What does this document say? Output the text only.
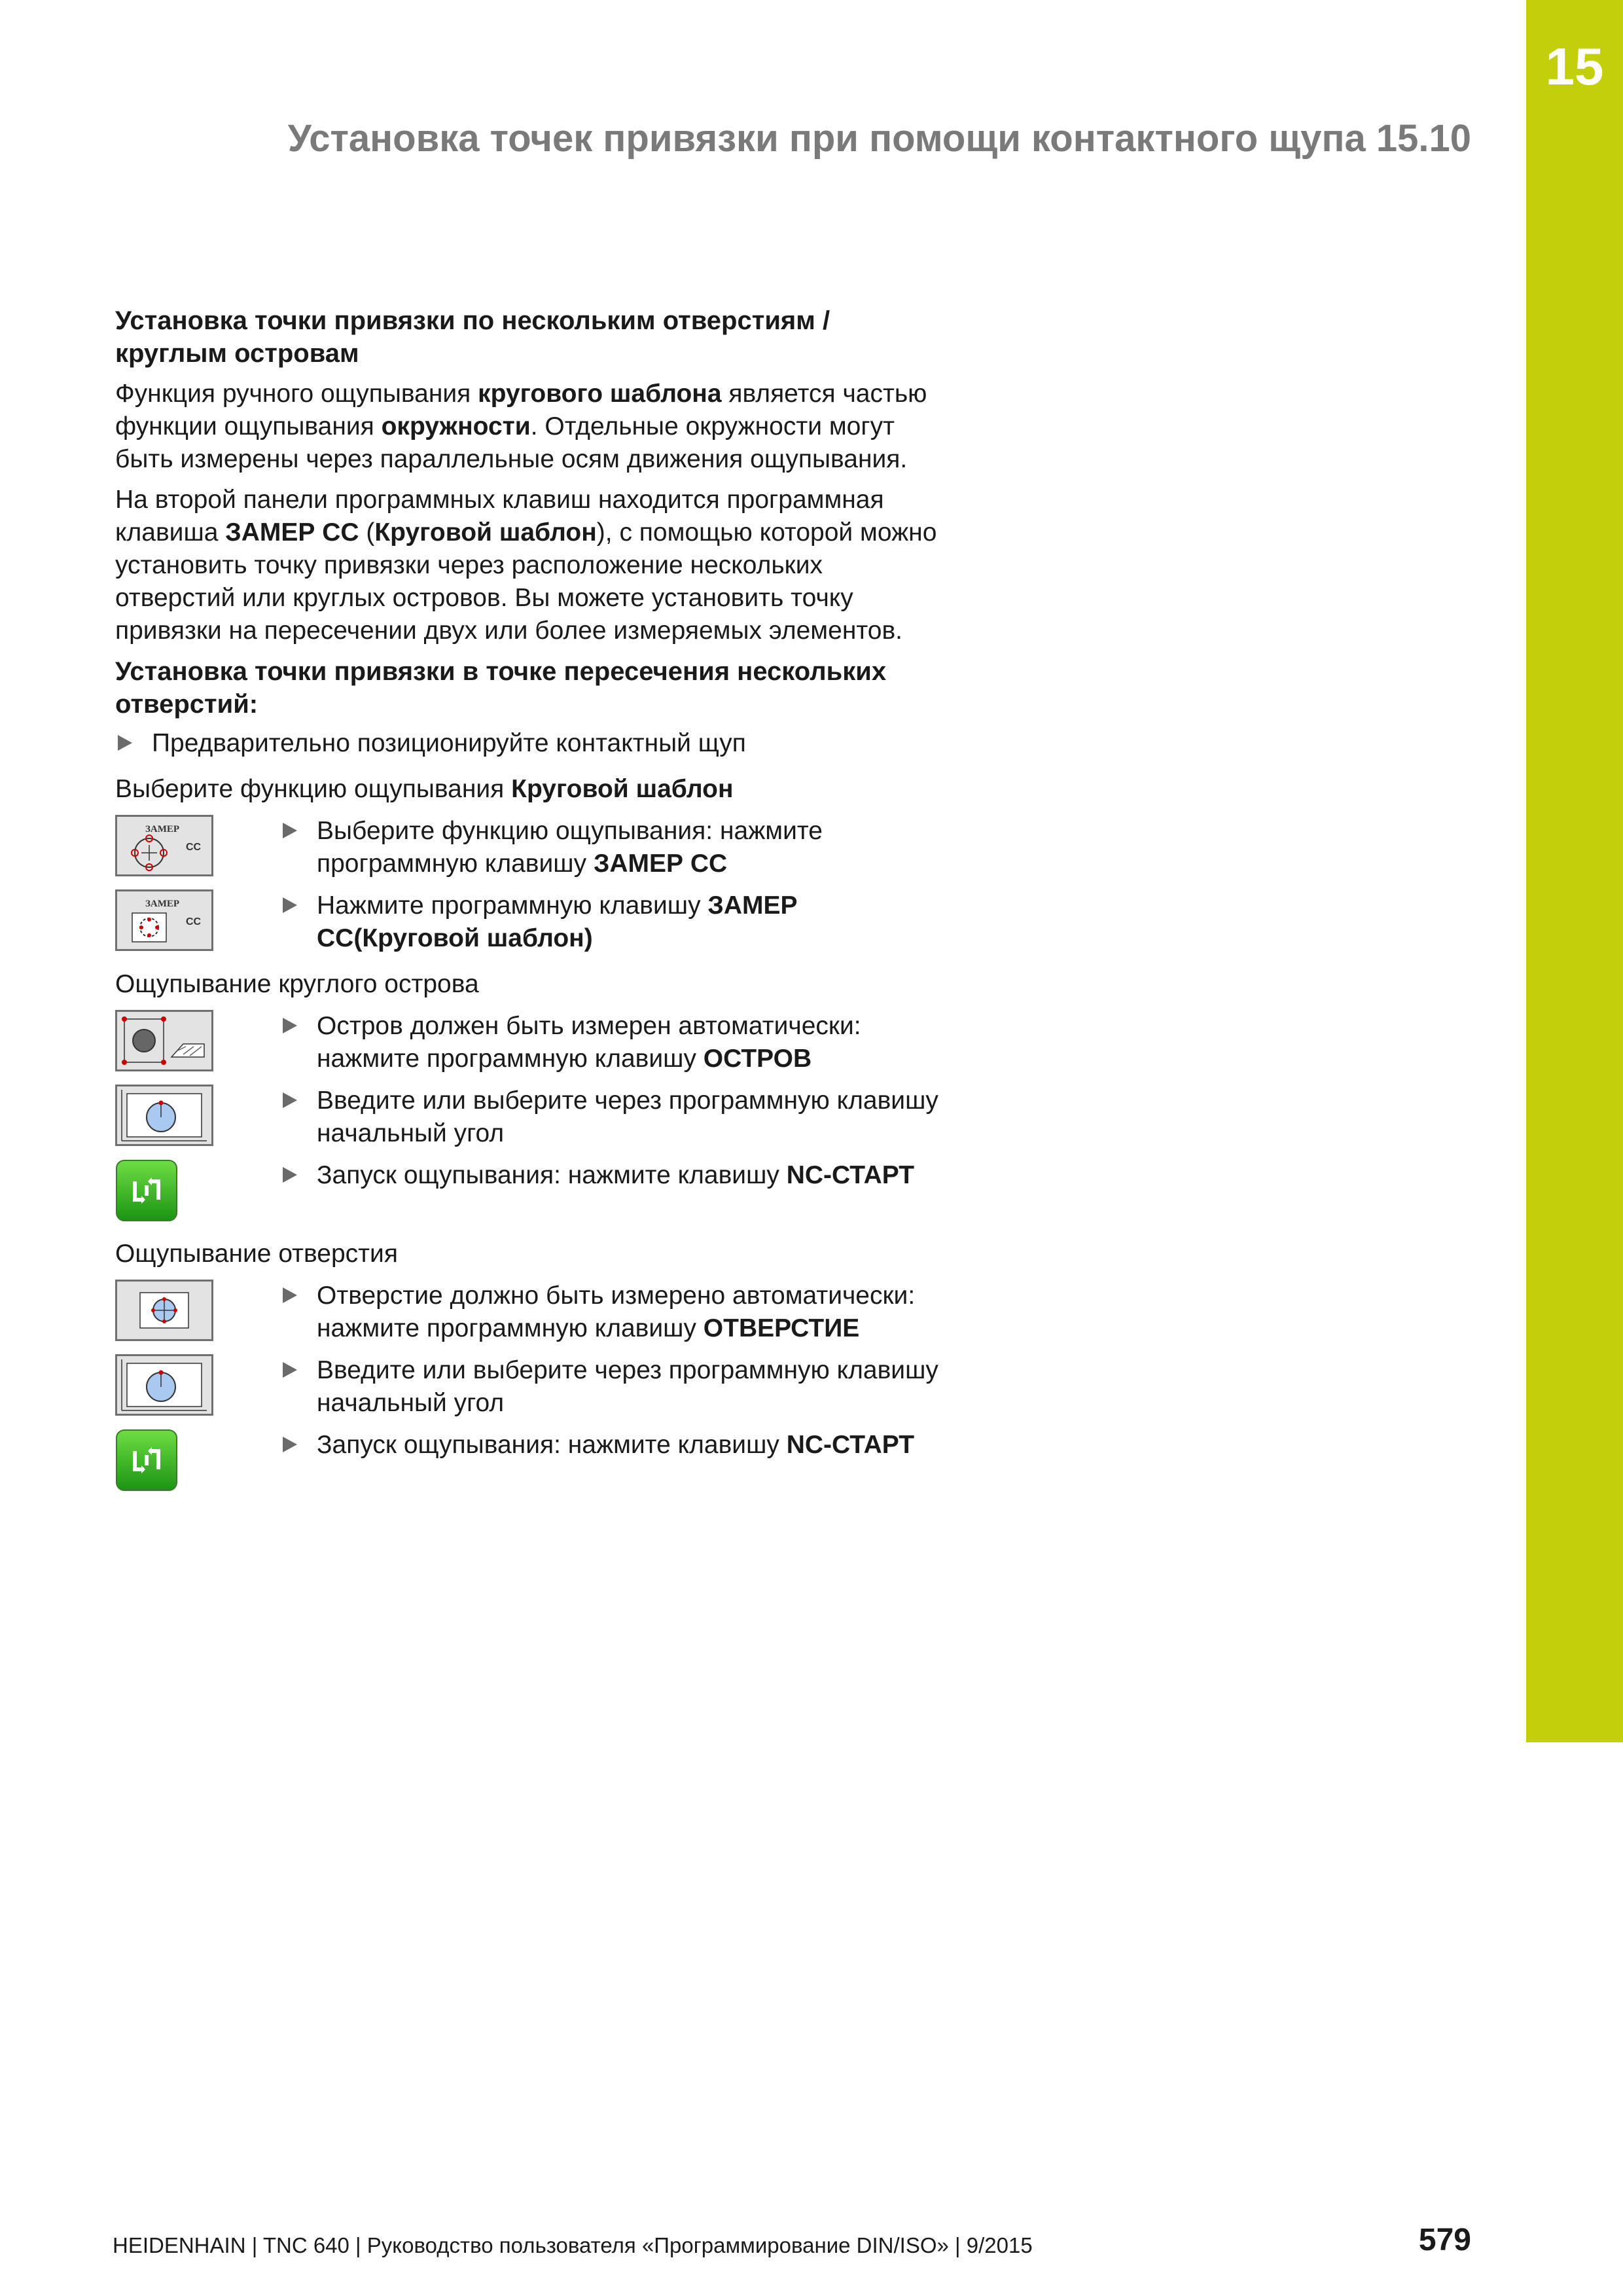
15
Установка точек привязки при помощи контактного щупа 15.10
Установка точки привязки по нескольким отверстиям / круглым островам
Функция ручного ощупывания кругового шаблона является частью функции ощупывания окружности. Отдельные окружности могут быть измерены через параллельные осям движения ощупывания.
На второй панели программных клавиш находится программная клавиша ЗАМЕР СС (Круговой шаблон), с помощью которой можно установить точку привязки через расположение нескольких отверстий или круглых островов. Вы можете установить точку привязки на пересечении двух или более измеряемых элементов.
Установка точки привязки в точке пересечения нескольких отверстий:
Предварительно позиционируйте контактный щуп
Выберите функцию ощупывания Круговой шаблон
ЗАМЕР
CC
Выберите функцию ощупывания: нажмите программную клавишу ЗАМЕР СС
ЗАМЕР
CC
Нажмите программную клавишу ЗАМЕР СС(Круговой шаблон)
Ощупывание круглого острова
Остров должен быть измерен автоматически: нажмите программную клавишу ОСТРОВ
Введите или выберите через программную клавишу начальный угол
Запуск ощупывания: нажмите клавишу NC-СТАРТ
Ощупывание отверстия
Отверстие должно быть измерено автоматически: нажмите программную клавишу ОТВЕРСТИЕ
Введите или выберите через программную клавишу начальный угол
Запуск ощупывания: нажмите клавишу NC-СТАРТ
HEIDENHAIN | TNC 640 | Руководство пользователя «Программирование DIN/ISO» | 9/2015	579
